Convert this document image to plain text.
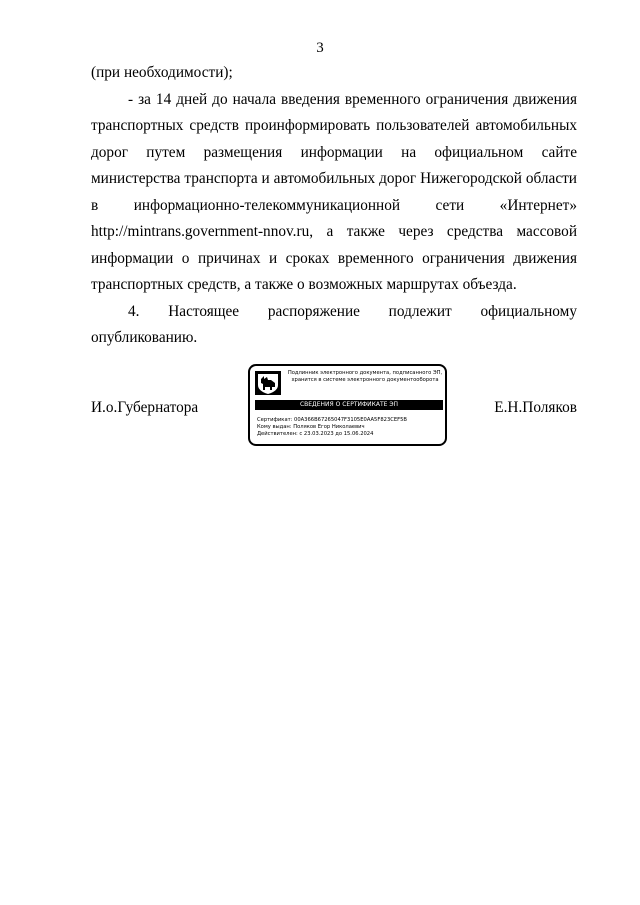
3

(при необходимости);

- за 14 дней до начала введения временного ограничения движения транспортных средств проинформировать пользователей автомобильных дорог путем размещения информации на официальном сайте министерства транспорта и автомобильных дорог Нижегородской области в информационно-телекоммуникационной сети «Интернет» http://mintrans.government-nnov.ru, а также через средства массовой информации о причинах и сроках временного ограничения движения транспортных средств, а также о возможных маршрутах объезда.

4. Настоящее распоряжение подлежит официальному опубликованию.

И.о.Губернатора
Подлинник электронного документа, подписанного ЭП, хранится в системе электронного документооборота
СВЕДЕНИЯ О СЕРТИФИКАТЕ ЭП
Сертификат: 00A366B67265047F3105E0AA5F823CEF5B
Кому выдан: Поляков Егор Николаевич
Действителен: с 23.03.2023 до 15.06.2024
Е.Н.Поляков
